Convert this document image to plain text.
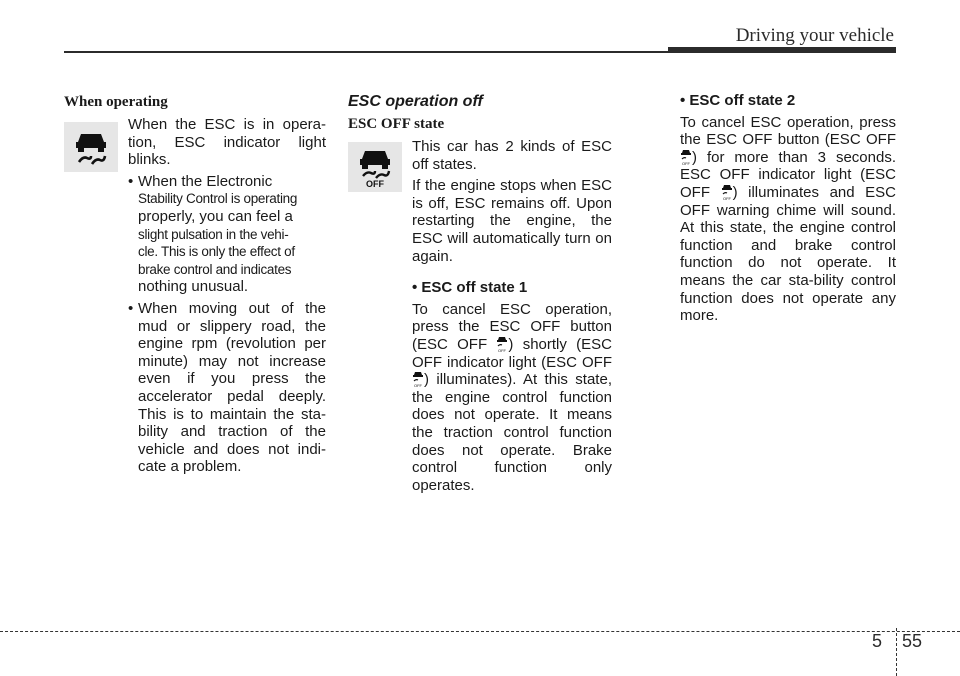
Driving your vehicle

When operating

When the ESC is in opera-tion, ESC indicator light blinks.

• When the Electronic
Stability Control is operating
properly, you can feel a
slight pulsation in the vehi-
cle. This is only the effect of
brake control and indicates
nothing unusual.
• When moving out of the mud or slippery road, the engine rpm (revolution per minute) may not increase even if you press the accelerator pedal deeply. This is to maintain the sta-bility and traction of the vehicle and does not indi-cate a problem.

ESC operation off

ESC OFF state

OFF

This car has 2 kinds of ESC off states.

If the engine stops when ESC is off, ESC remains off. Upon restarting the engine, the ESC will automatically turn on again.

• ESC off state 1

To cancel ESC operation, press the ESC OFF button (ESC OFF	OFF ) shortly (ESC OFF indicator light (ESC OFF
OFF ) illuminates). At this state, the engine control function does not operate. It means the traction control function does not operate. Brake control function only operates.

• ESC off state 2

To cancel ESC operation, press the ESC OFF button (ESC OFF
OFF ) for more than 3 seconds. ESC OFF indicator light (ESC OFF	OFF ) illuminates and ESC OFF warning chime will sound. At this state, the engine control function and brake control function do not operate. It means the car sta-bility control function does not operate any more.

5 55
